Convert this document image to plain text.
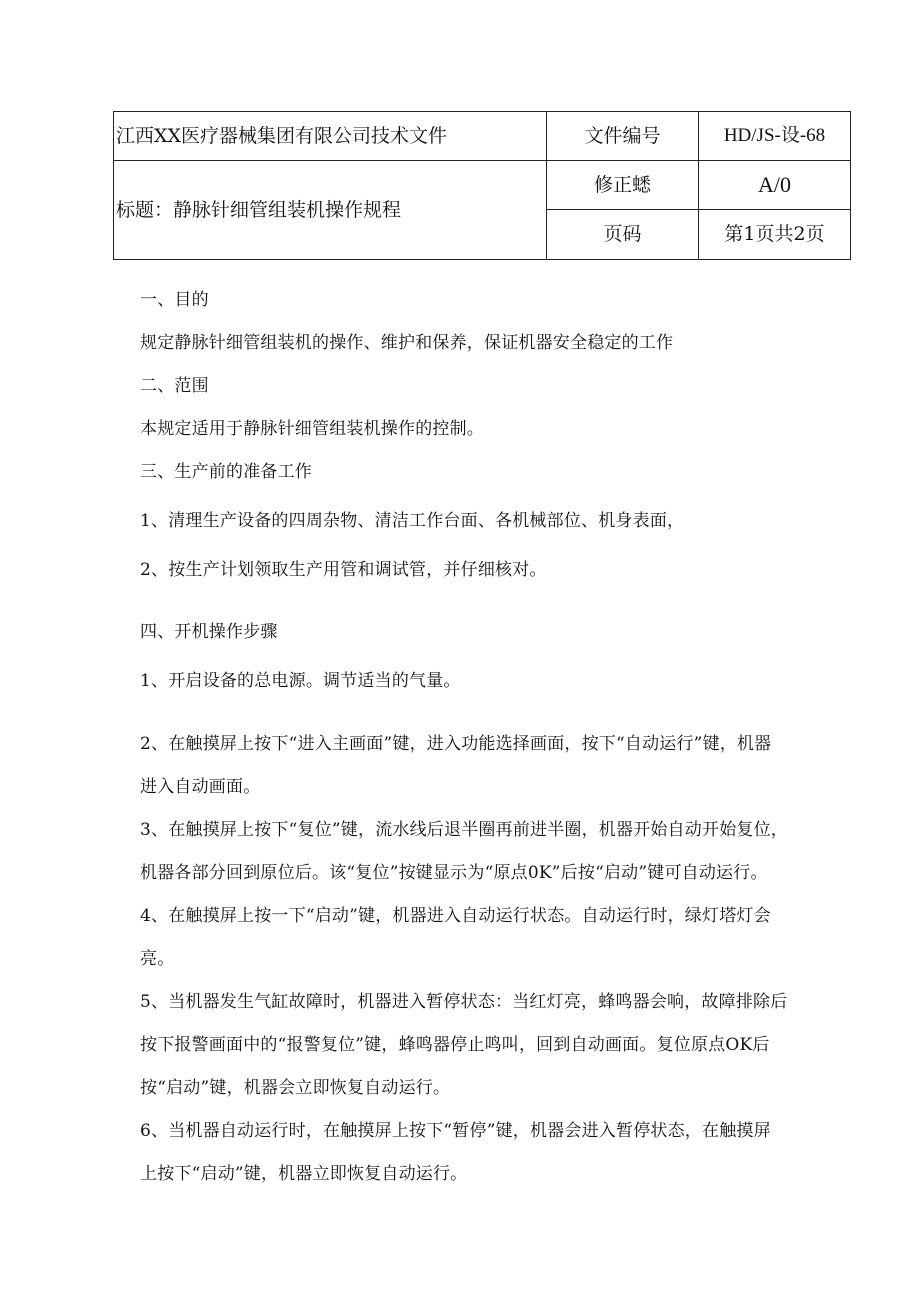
江西XX医疗器械集团有限公司技术文件	文件编号	HD/JS-设-68
标题：静脉针细管组装机操作规程	修正蟋	A/0
	页码	第1页共2页
一、目的
规定静脉针细管组装机的操作、维护和保养，保证机器安全稳定的工作
二、范围
本规定适用于静脉针细管组装机操作的控制。
三、生产前的准备工作
1、清理生产设备的四周杂物、清洁工作台面、各机械部位、机身表面，
2、按生产计划领取生产用管和调试管，并仔细核对。
四、开机操作步骤
1、开启设备的总电源。调节适当的气量。
2、在触摸屏上按下“进入主画面”键，进入功能选择画面，按下“自动运行”键，机器
进入自动画面。
3、在触摸屏上按下“复位”键，流水线后退半圈再前进半圈，机器开始自动开始复位，
机器各部分回到原位后。该“复位”按键显示为“原点0K”后按“启动”键可自动运行。
4、在触摸屏上按一下“启动”键，机器进入自动运行状态。自动运行时，绿灯塔灯会
亮。
5、当机器发生气缸故障时，机器进入暂停状态：当红灯亮，蜂鸣器会响，故障排除后
按下报警画面中的“报警复位”键，蜂鸣器停止鸣叫，回到自动画面。复位原点OK后
按“启动”键，机器会立即恢复自动运行。
6、当机器自动运行时，在触摸屏上按下“暂停”键，机器会进入暂停状态，在触摸屏
上按下“启动”键，机器立即恢复自动运行。
